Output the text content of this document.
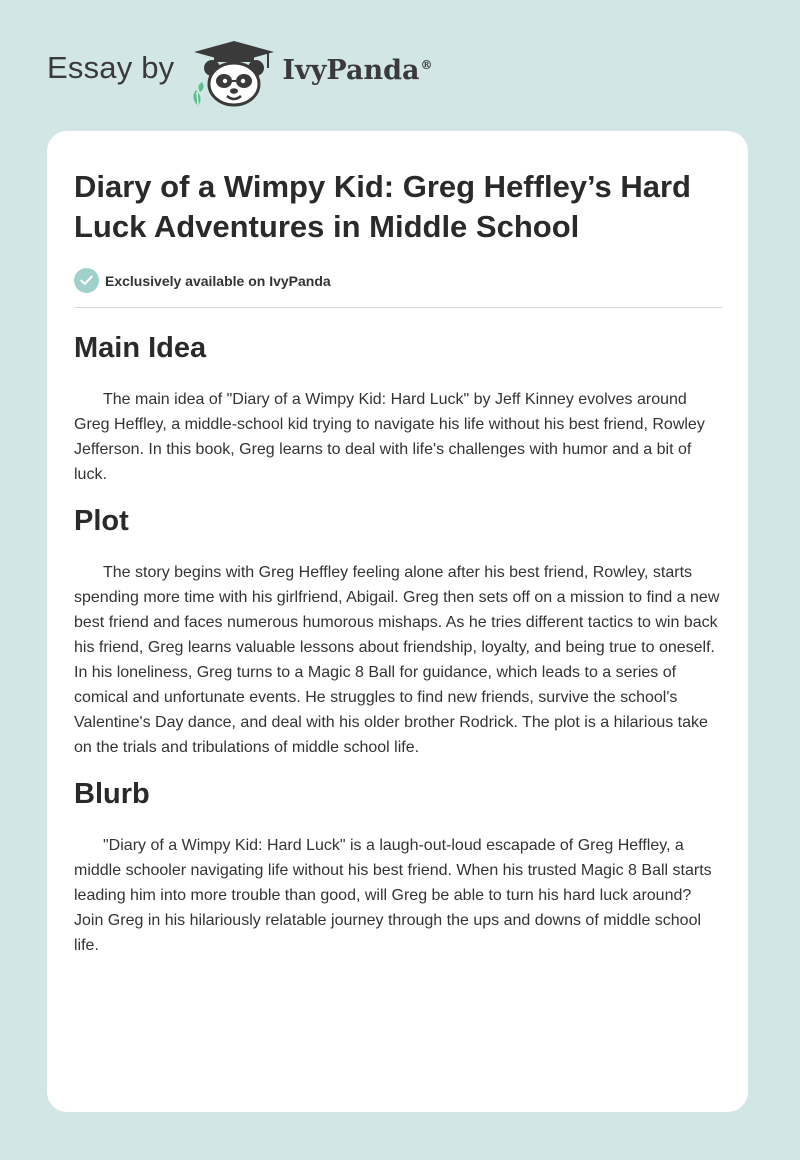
Essay by	IvyPanda®
Diary of a Wimpy Kid: Greg Heffley’s Hard Luck Adventures in Middle School
Exclusively available on IvyPanda
Main Idea

The main idea of "Diary of a Wimpy Kid: Hard Luck" by Jeff Kinney evolves around Greg Heffley, a middle-school kid trying to navigate his life without his best friend, Rowley Jefferson. In this book, Greg learns to deal with life's challenges with humor and a bit of luck.

Plot

The story begins with Greg Heffley feeling alone after his best friend, Rowley, starts spending more time with his girlfriend, Abigail. Greg then sets off on a mission to find a new best friend and faces numerous humorous mishaps. As he tries different tactics to win back his friend, Greg learns valuable lessons about friendship, loyalty, and being true to oneself. In his loneliness, Greg turns to a Magic 8 Ball for guidance, which leads to a series of comical and unfortunate events. He struggles to find new friends, survive the school's Valentine's Day dance, and deal with his older brother Rodrick. The plot is a hilarious take on the trials and tribulations of middle school life.

Blurb

"Diary of a Wimpy Kid: Hard Luck" is a laugh-out-loud escapade of Greg Heffley, a middle schooler navigating life without his best friend. When his trusted Magic 8 Ball starts leading him into more trouble than good, will Greg be able to turn his hard luck around? Join Greg in his hilariously relatable journey through the ups and downs of middle school life.
